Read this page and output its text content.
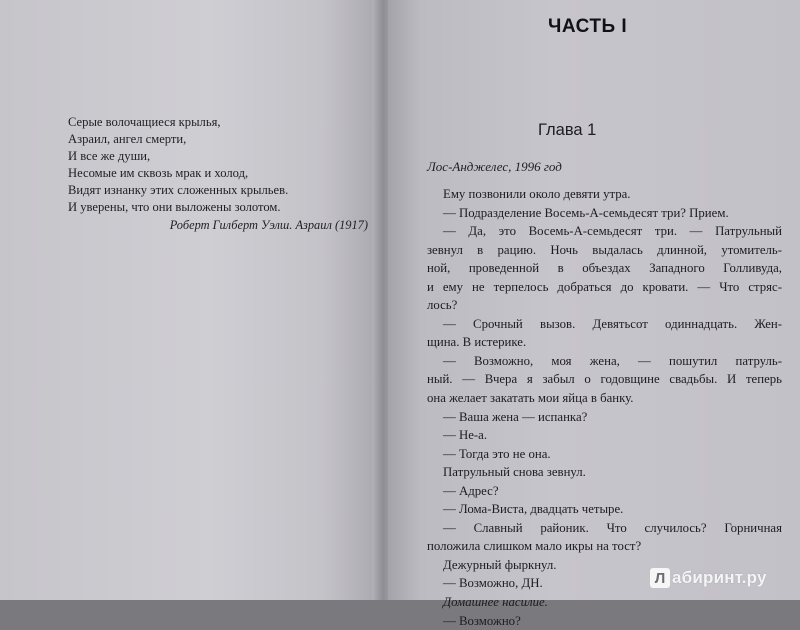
Серые волочащиеся крылья,
Азраил, ангел смерти,
И все же души,
Несомые им сквозь мрак и холод,
Видят изнанку этих сложенных крыльев.
И уверены, что они выложены золотом.
Роберт Гилберт Уэлш. Азраил (1917)
ЧАСТЬ I
Глава 1
Лос-Анджелес, 1996 год
Ему позвонили около девяти утра.
— Подразделение Восемь-А-семьдесят три? Прием.
— Да, это Восемь-А-семьдесят три. — Патрульный
зевнул в рацию. Ночь выдалась длинной, утомитель-
ной, проведенной в объездах Западного Голливуда,
и ему не терпелось добраться до кровати. — Что стряс-
лось?
— Срочный вызов. Девятьсот одиннадцать. Жен-
щина. В истерике.
— Возможно, моя жена, — пошутил патруль-
ный. — Вчера я забыл о годовщине свадьбы. И теперь
она желает закатать мои яйца в банку.
— Ваша жена — испанка?
— Не-а.
— Тогда это не она.
Патрульный снова зевнул.
— Адрес?
— Лома-Виста, двадцать четыре.
— Славный районик. Что случилось? Горничная
положила слишком мало икры на тост?
Дежурный фыркнул.
— Возможно, ДН.
Домашнее насилие.
— Возможно?
Л абиринт.ру
